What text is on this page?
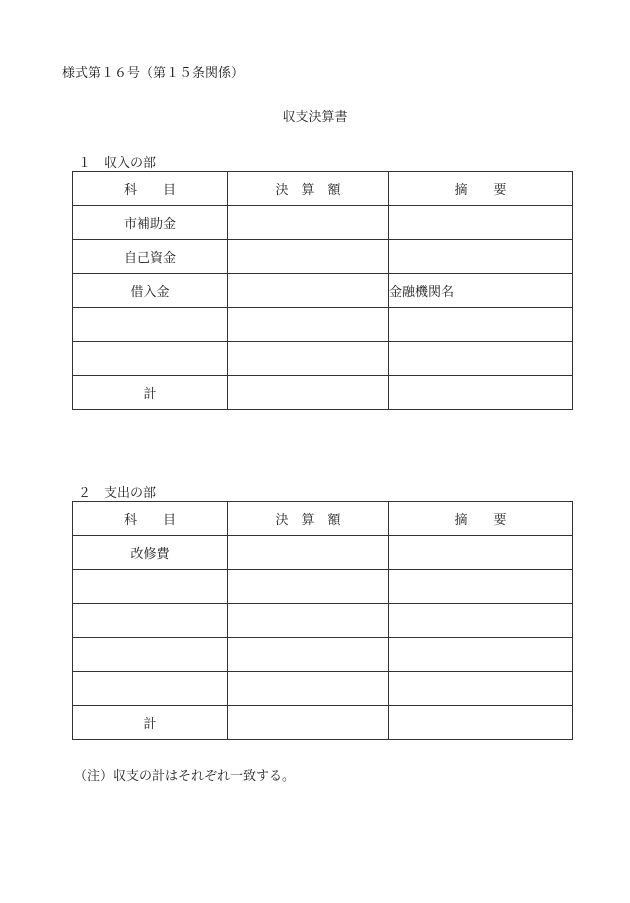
様式第１６号（第１５条関係）
収支決算書
１　収入の部
科　　目	決　算　額	摘　　要
市補助金		
自己資金		
借入金		金融機関名

計		
２　支出の部
科　　目	決　算　額	摘　　要
改修費		

計		
（注）収支の計はそれぞれ一致する。
